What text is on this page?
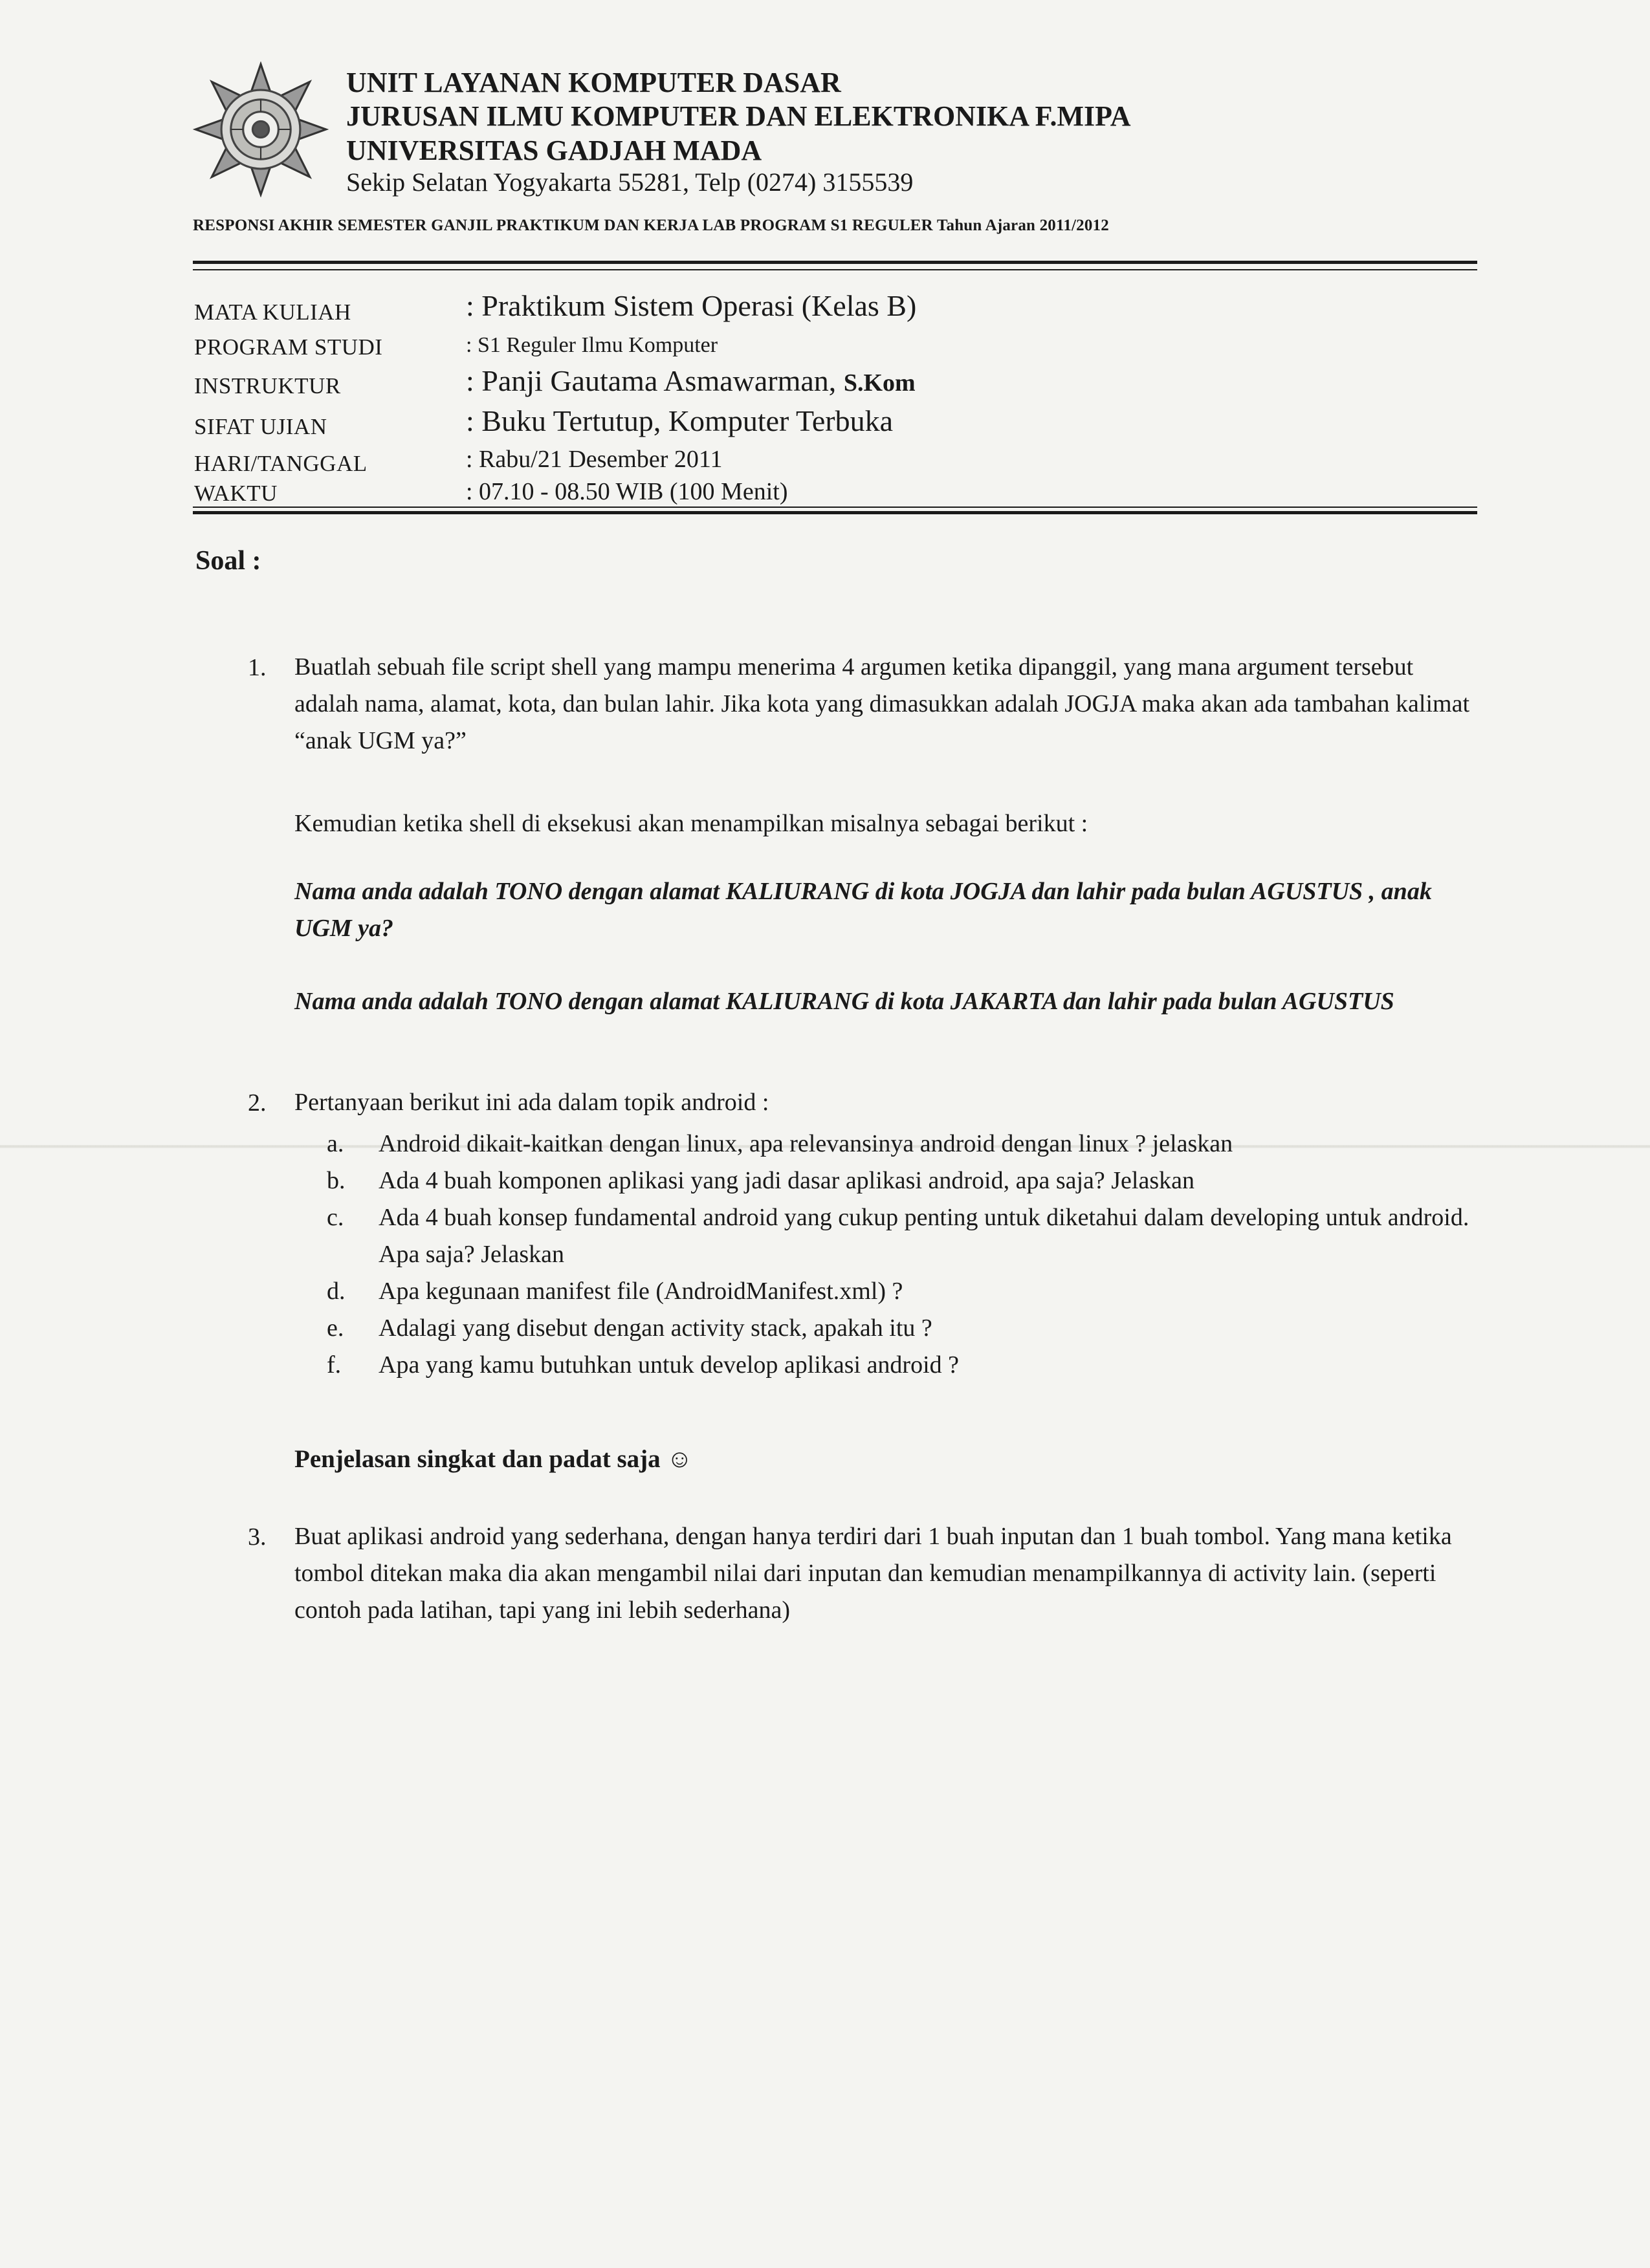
UNIT LAYANAN KOMPUTER DASAR
JURUSAN ILMU KOMPUTER DAN ELEKTRONIKA F.MIPA
UNIVERSITAS GADJAH MADA
Sekip Selatan Yogyakarta 55281, Telp (0274) 3155539
RESPONSI AKHIR SEMESTER GANJIL PRAKTIKUM DAN KERJA LAB PROGRAM S1 REGULER Tahun Ajaran 2011/2012
MATA KULIAH	: Praktikum Sistem Operasi (Kelas B)
PROGRAM STUDI	: S1 Reguler Ilmu Komputer
INSTRUKTUR	: Panji Gautama Asmawarman, S.Kom
SIFAT UJIAN	: Buku Tertutup, Komputer Terbuka
HARI/TANGGAL	: Rabu/21 Desember 2011
WAKTU	: 07.10 - 08.50 WIB (100 Menit)
Soal :
1. Buatlah sebuah file script shell yang mampu menerima 4 argumen ketika dipanggil, yang mana argument tersebut adalah nama, alamat, kota, dan bulan lahir. Jika kota yang dimasukkan adalah JOGJA maka akan ada tambahan kalimat “anak UGM ya?”
Kemudian ketika shell di eksekusi akan menampilkan misalnya sebagai berikut :
Nama anda adalah TONO dengan alamat KALIURANG di kota JOGJA dan lahir pada bulan AGUSTUS , anak UGM ya?
Nama anda adalah TONO dengan alamat KALIURANG di kota JAKARTA dan lahir pada bulan AGUSTUS
2. Pertanyaan berikut ini ada dalam topik android :
a. Android dikait-kaitkan dengan linux, apa relevansinya android dengan linux ? jelaskan
b. Ada 4 buah komponen aplikasi yang jadi dasar aplikasi android, apa saja? Jelaskan
c. Ada 4 buah konsep fundamental android yang cukup penting untuk diketahui dalam developing untuk android. Apa saja? Jelaskan
d. Apa kegunaan manifest file (AndroidManifest.xml) ?
e. Adalagi yang disebut dengan activity stack, apakah itu ?
f. Apa yang kamu butuhkan untuk develop aplikasi android ?
Penjelasan singkat dan padat saja ☺
3. Buat aplikasi android yang sederhana, dengan hanya terdiri dari 1 buah inputan dan 1 buah tombol. Yang mana ketika tombol ditekan maka dia akan mengambil nilai dari inputan dan kemudian menampilkannya di activity lain. (seperti contoh pada latihan, tapi yang ini lebih sederhana)
